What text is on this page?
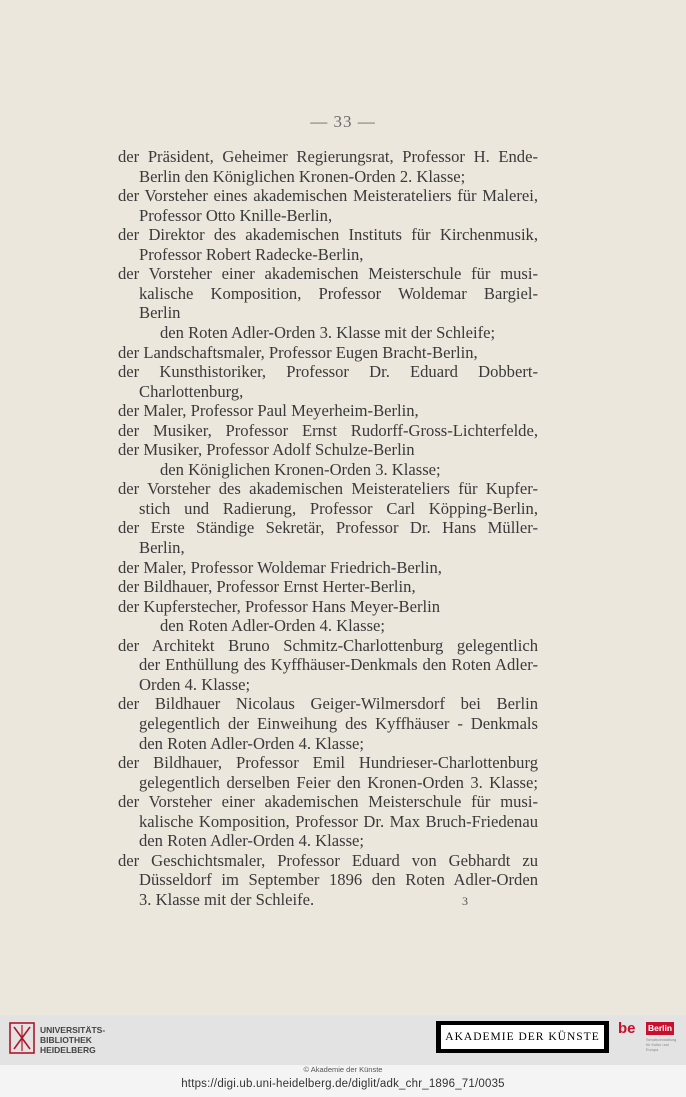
— 33 —
der Präsident, Geheimer Regierungsrat, Professor H. Ende-
Berlin den Königlichen Kronen-Orden 2. Klasse;
der Vorsteher eines akademischen Meisterateliers für Malerei,
Professor Otto Knille-Berlin,
der Direktor des akademischen Instituts für Kirchenmusik,
Professor Robert Radecke-Berlin,
der Vorsteher einer akademischen Meisterschule für musi-
kalische Komposition, Professor Woldemar Bargiel-
Berlin
den Roten Adler-Orden 3. Klasse mit der Schleife;
der Landschaftsmaler, Professor Eugen Bracht-Berlin,
der Kunsthistoriker, Professor Dr. Eduard Dobbert-
Charlottenburg,
der Maler, Professor Paul Meyerheim-Berlin,
der Musiker, Professor Ernst Rudorff-Gross-Lichterfelde,
der Musiker, Professor Adolf Schulze-Berlin
den Königlichen Kronen-Orden 3. Klasse;
der Vorsteher des akademischen Meisterateliers für Kupfer-
stich und Radierung, Professor Carl Köpping-Berlin,
der Erste Ständige Sekretär, Professor Dr. Hans Müller-
Berlin,
der Maler, Professor Woldemar Friedrich-Berlin,
der Bildhauer, Professor Ernst Herter-Berlin,
der Kupferstecher, Professor Hans Meyer-Berlin
den Roten Adler-Orden 4. Klasse;
der Architekt Bruno Schmitz-Charlottenburg gelegentlich
der Enthüllung des Kyffhäuser-Denkmals den Roten Adler-
Orden 4. Klasse;
der Bildhauer Nicolaus Geiger-Wilmersdorf bei Berlin
gelegentlich der Einweihung des Kyffhäuser - Denkmals
den Roten Adler-Orden 4. Klasse;
der Bildhauer, Professor Emil Hundrieser-Charlottenburg
gelegentlich derselben Feier den Kronen-Orden 3. Klasse;
der Vorsteher einer akademischen Meisterschule für musi-
kalische Komposition, Professor Dr. Max Bruch-Friedenau
den Roten Adler-Orden 4. Klasse;
der Geschichtsmaler, Professor Eduard von Gebhardt zu
Düsseldorf im September 1896 den Roten Adler-Orden
3. Klasse mit der Schleife.	3
UNIVERSITÄTS-
BIBLIOTHEK
HEIDELBERG
AKADEMIE DER KÜNSTE be Berlin
Senatsverwaltung
für Kultur und Europa
© Akademie der Künste
https://digi.ub.uni-heidelberg.de/diglit/adk_chr_1896_71/0035
